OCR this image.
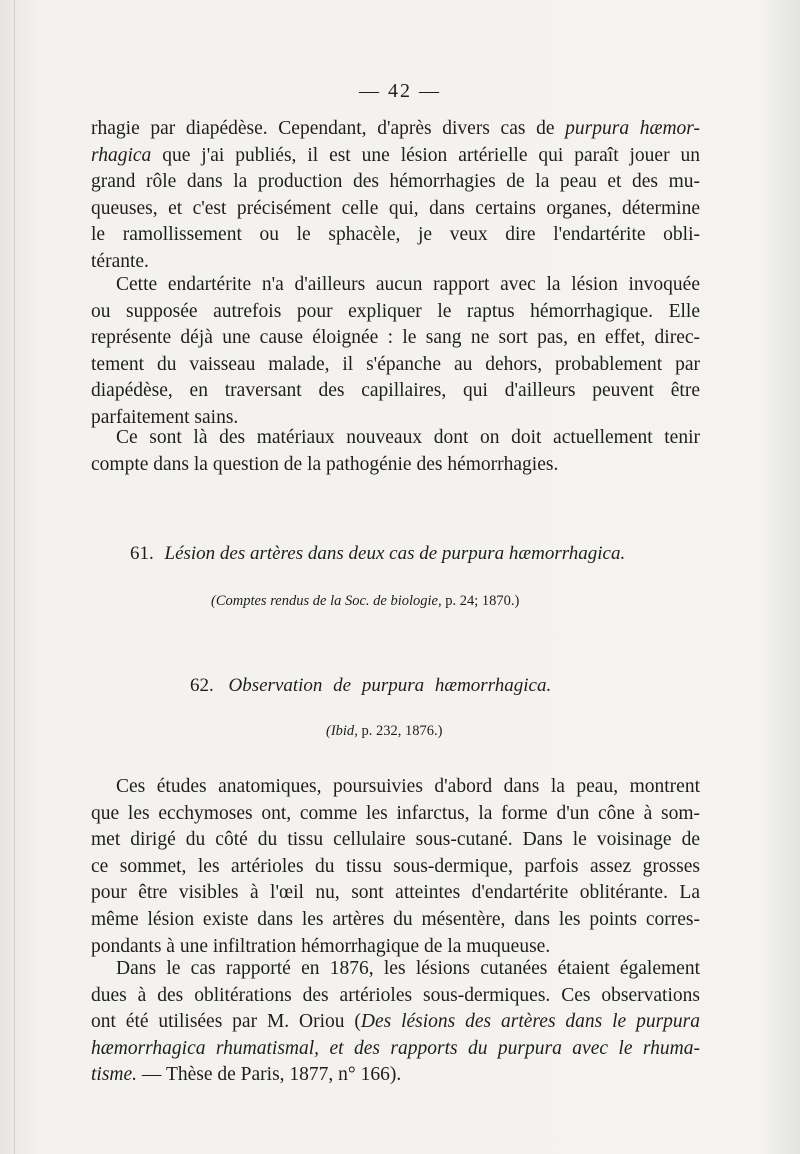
— 42 —

rhagie par diapédèse. Cependant, d'après divers cas de purpura hæmor-

rhagica que j'ai publiés, il est une lésion artérielle qui paraît jouer un

grand rôle dans la production des hémorrhagies de la peau et des mu-

queuses, et c'est précisément celle qui, dans certains organes, détermine

le ramollissement ou le sphacèle, je veux dire l'endartérite obli-

térante.

Cette endartérite n'a d'ailleurs aucun rapport avec la lésion invoquée

ou supposée autrefois pour expliquer le raptus hémorrhagique. Elle

représente déjà une cause éloignée : le sang ne sort pas, en effet, direc-

tement du vaisseau malade, il s'épanche au dehors, probablement par

diapédèse, en traversant des capillaires, qui d'ailleurs peuvent être

parfaitement sains.

Ce sont là des matériaux nouveaux dont on doit actuellement tenir

compte dans la question de la pathogénie des hémorrhagies.

61. Lésion des artères dans deux cas de purpura hæmorrhagica.
(Comptes rendus de la Soc. de biologie, p. 24; 1870.)
62. Observation de purpura hæmorrhagica.
(Ibid, p. 232, 1876.)

Ces études anatomiques, poursuivies d'abord dans la peau, montrent

que les ecchymoses ont, comme les infarctus, la forme d'un cône à som-

met dirigé du côté du tissu cellulaire sous-cutané. Dans le voisinage de

ce sommet, les artérioles du tissu sous-dermique, parfois assez grosses

pour être visibles à l'œil nu, sont atteintes d'endartérite oblitérante. La

même lésion existe dans les artères du mésentère, dans les points corres-

pondants à une infiltration hémorrhagique de la muqueuse.

Dans le cas rapporté en 1876, les lésions cutanées étaient également

dues à des oblitérations des artérioles sous-dermiques. Ces observations

ont été utilisées par M. Oriou (Des lésions des artères dans le purpura

hæmorrhagica rhumatismal, et des rapports du purpura avec le rhuma-

tisme. — Thèse de Paris, 1877, n° 166).
